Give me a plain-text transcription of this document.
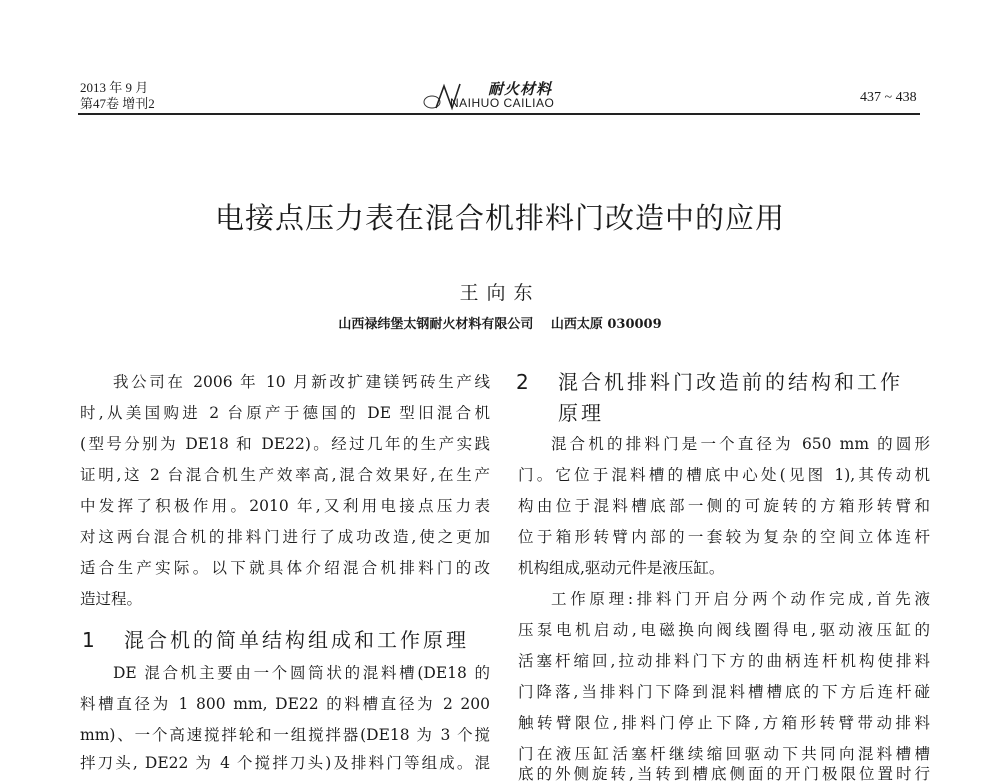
2013 年 9 月
第47卷 增刊2
耐火材料
NAIHUO CAILIAO	437 ~ 438
电接点压力表在混合机排料门改造中的应用
王向东
山西禄纬堡太钢耐火材料有限公司　 山西太原 030009
我公司在 2006 年 10 月新改扩建镁钙砖生产线
时,从美国购进 2 台原产于德国的 DE 型旧混合机
(型号分别为 DE18 和 DE22)。经过几年的生产实践
证明,这 2 台混合机生产效率高,混合效果好,在生产
中发挥了积极作用。2010 年,又利用电接点压力表
对这两台混合机的排料门进行了成功改造,使之更加
适合生产实际。以下就具体介绍混合机排料门的改
造过程。
1 混合机的简单结构组成和工作原理
DE 混合机主要由一个圆筒状的混料槽(DE18 的
料槽直径为 1 800 mm, DE22 的料槽直径为 2 200
mm)、一个高速搅拌轮和一组搅拌器(DE18 为 3 个搅
拌刀头, DE22 为 4 个搅拌刀头)及排料门等组成。混
2 混合机排料门改造前的结构和工作
原理
混合机的排料门是一个直径为 650 mm 的圆形
门。它位于混料槽的槽底中心处(见图 1),其传动机
构由位于混料槽底部一侧的可旋转的方箱形转臂和
位于箱形转臂内部的一套较为复杂的空间立体连杆
机构组成,驱动元件是液压缸。
工作原理:排料门开启分两个动作完成,首先液
压泵电机启动,电磁换向阀线圈得电,驱动液压缸的
活塞杆缩回,拉动排料门下方的曲柄连杆机构使排料
门降落,当排料门下降到混料槽槽底的下方后连杆碰
触转臂限位,排料门停止下降,方箱形转臂带动排料
门在液压缸活塞杆继续缩回驱动下共同向混料槽槽
底的外侧旋转,当转到槽底侧面的开门极限位置时行
